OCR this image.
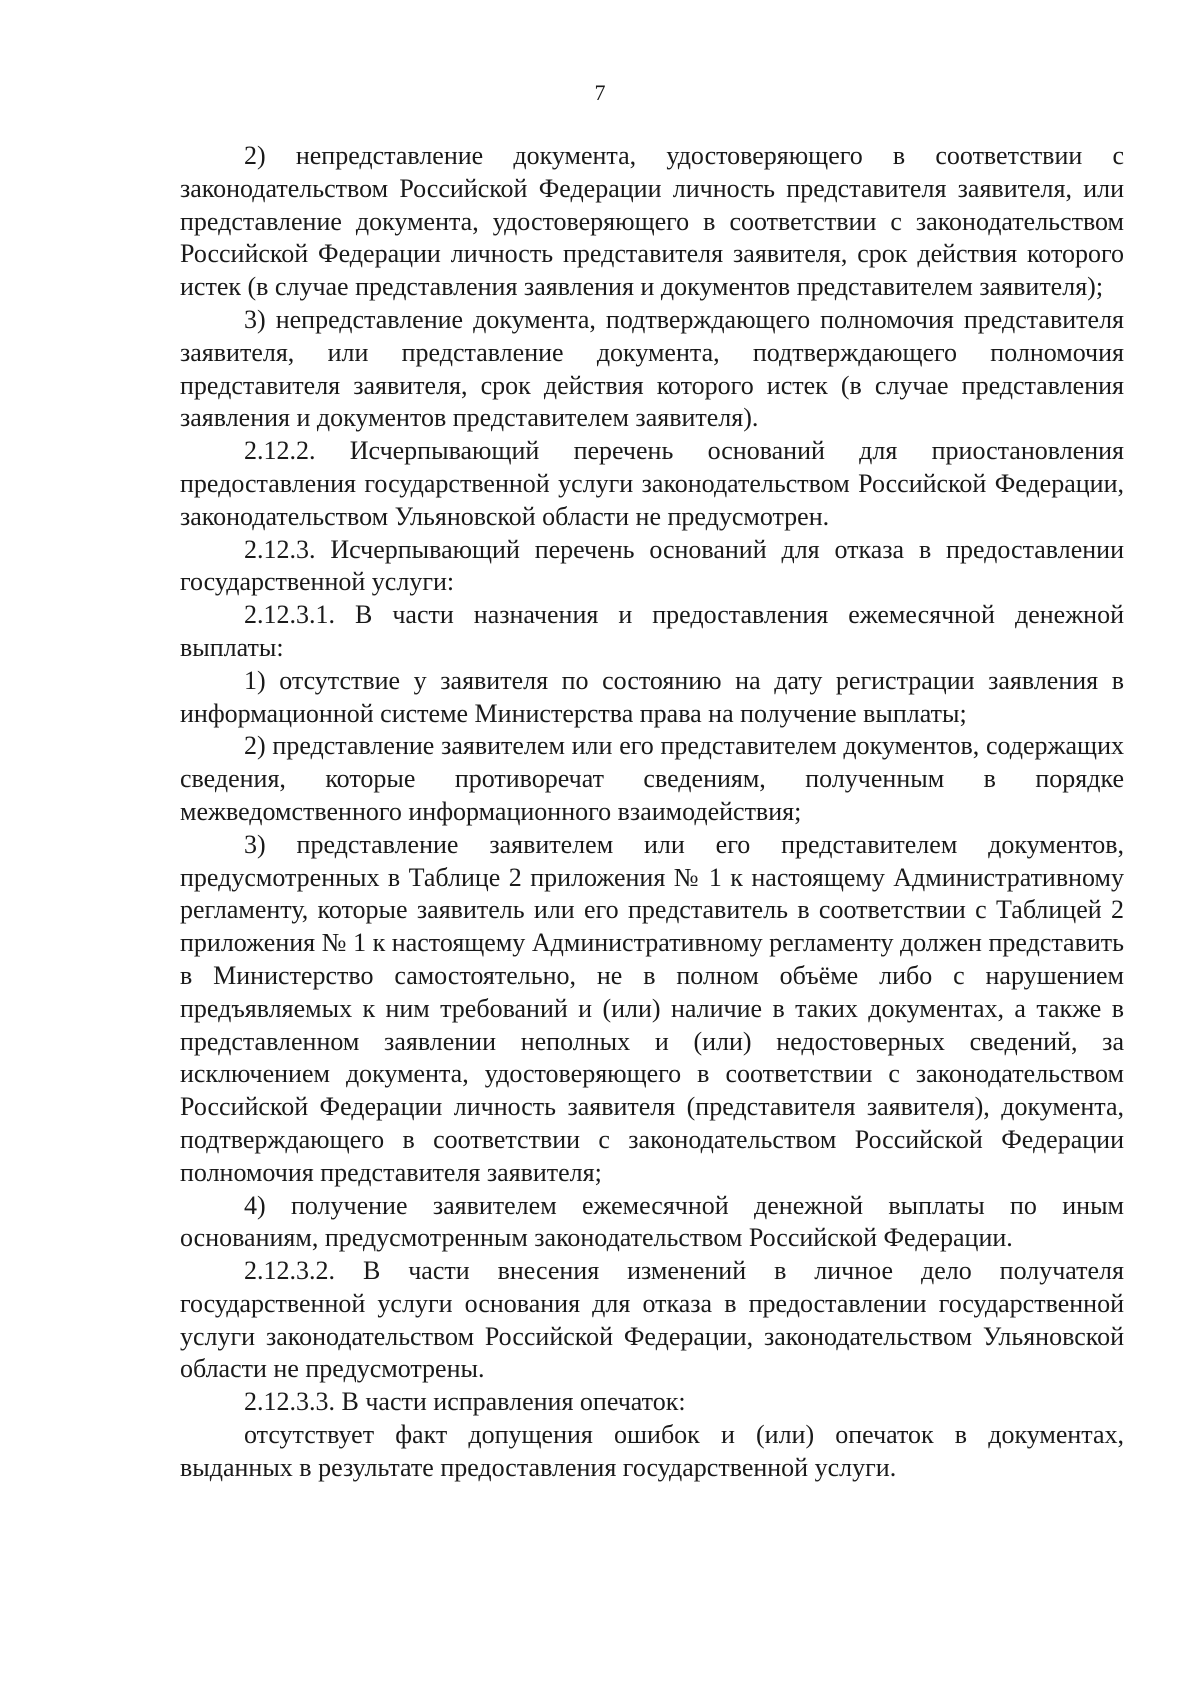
7

2) непредставление документа, удостоверяющего в соответствии с законодательством Российской Федерации личность представителя заявителя, или представление документа, удостоверяющего в соответствии с законодательством Российской Федерации личность представителя заявителя, срок действия которого истек (в случае представления заявления и документов представителем заявителя);

3) непредставление документа, подтверждающего полномочия представителя заявителя, или представление документа, подтверждающего полномочия представителя заявителя, срок действия которого истек (в случае представления заявления и документов представителем заявителя).

2.12.2. Исчерпывающий перечень оснований для приостановления предоставления государственной услуги законодательством Российской Федерации, законодательством Ульяновской области не предусмотрен.

2.12.3. Исчерпывающий перечень оснований для отказа в предоставлении государственной услуги:

2.12.3.1. В части назначения и предоставления ежемесячной денежной выплаты:

1) отсутствие у заявителя по состоянию на дату регистрации заявления в информационной системе Министерства права на получение выплаты;

2) представление заявителем или его представителем документов, содержащих сведения, которые противоречат сведениям, полученным в порядке межведомственного информационного взаимодействия;

3) представление заявителем или его представителем документов, предусмотренных в Таблице 2 приложения № 1 к настоящему Административному регламенту, которые заявитель или его представитель в соответствии с Таблицей 2 приложения № 1 к настоящему Административному регламенту должен представить в Министерство самостоятельно, не в полном объёме либо с нарушением предъявляемых к ним требований и (или) наличие в таких документах, а также в представленном заявлении неполных и (или) недостоверных сведений, за исключением документа, удостоверяющего в соответствии с законодательством Российской Федерации личность заявителя (представителя заявителя), документа, подтверждающего в соответствии с законодательством Российской Федерации полномочия представителя заявителя;

4) получение заявителем ежемесячной денежной выплаты по иным основаниям, предусмотренным законодательством Российской Федерации.

2.12.3.2. В части внесения изменений в личное дело получателя государственной услуги основания для отказа в предоставлении государственной услуги законодательством Российской Федерации, законодательством Ульяновской области не предусмотрены.

2.12.3.3. В части исправления опечаток:

отсутствует факт допущения ошибок и (или) опечаток в документах, выданных в результате предоставления государственной услуги.
